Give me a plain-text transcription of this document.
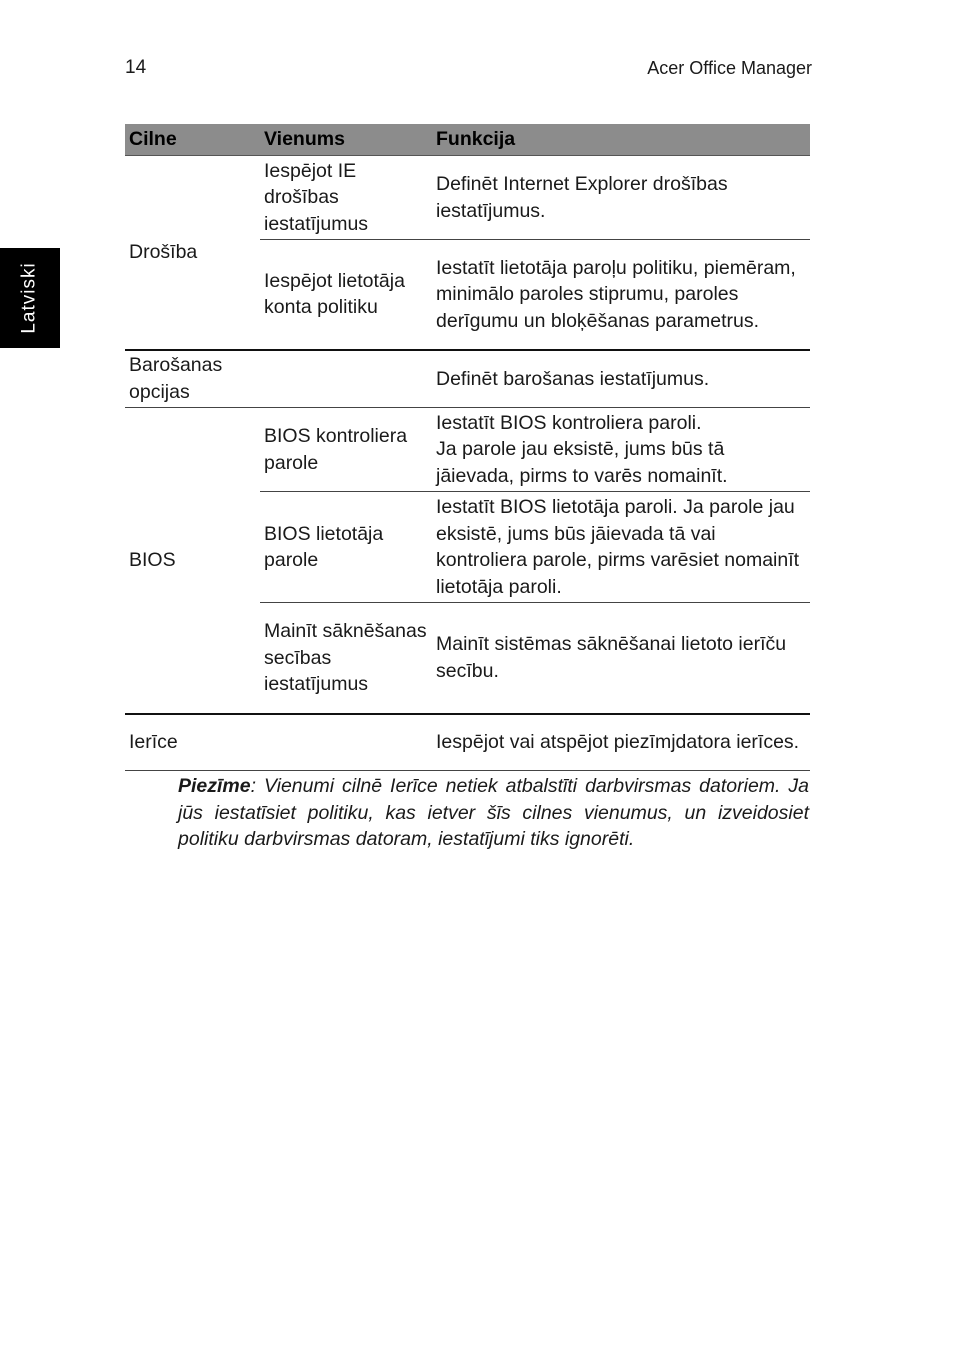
14	Acer Office Manager
Latviski
Cilne	Vienums	Funkcija
Drošība	Iespējot IE drošības iestatījumus	Definēt Internet Explorer drošības iestatījumus.
	Iespējot lietotāja konta politiku	Iestatīt lietotāja paroļu politiku, piemēram, minimālo paroles stiprumu, paroles derīgumu un bloķēšanas parametrus.
Barošanas opcijas		Definēt barošanas iestatījumus.
BIOS	BIOS kontroliera parole	Iestatīt BIOS kontroliera paroli.
Ja parole jau eksistē, jums būs tā jāievada, pirms to varēs nomainīt.
	BIOS lietotāja parole	Iestatīt BIOS lietotāja paroli. Ja parole jau eksistē, jums būs jāievada tā vai kontroliera parole, pirms varēsiet nomainīt lietotāja paroli.
	Mainīt sāknēšanas secības iestatījumus	Mainīt sistēmas sāknēšanai lietoto ierīču secību.
Ierīce		Iespējot vai atspējot piezīmjdatora ierīces.

Piezīme: Vienumi cilnē Ierīce netiek atbalstīti darbvirsmas datoriem. Ja jūs iestatīsiet politiku, kas ietver šīs cilnes vienumus, un izveidosiet politiku darbvirsmas datoram, iestatījumi tiks ignorēti.
